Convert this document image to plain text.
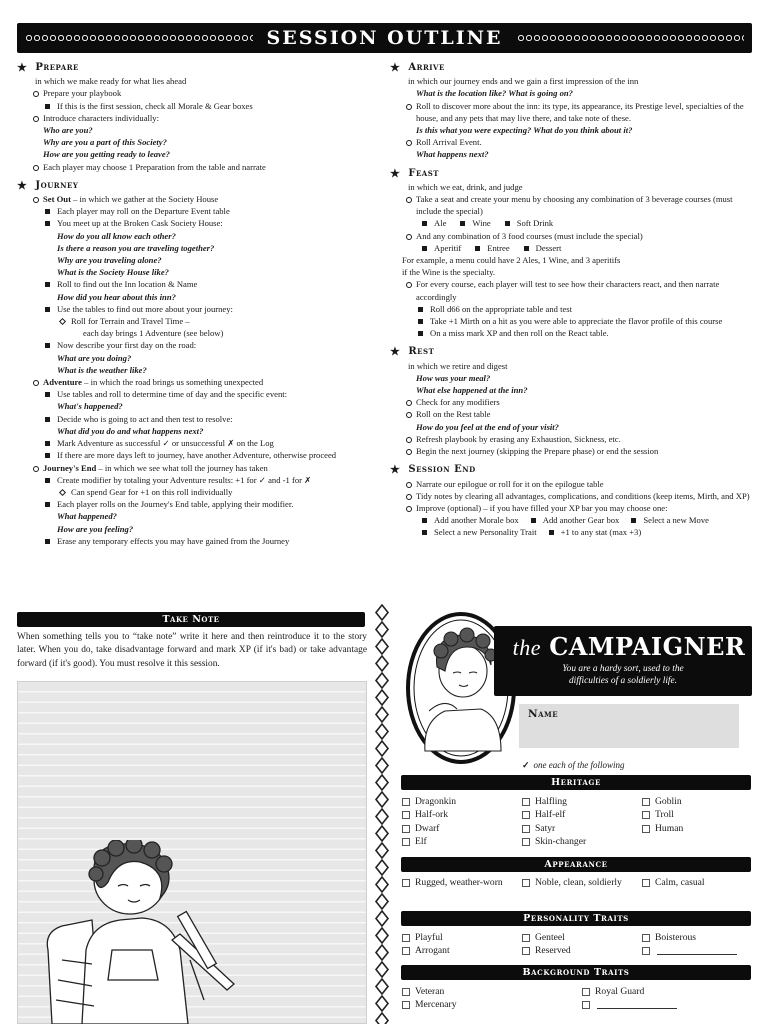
SESSION OUTLINE
★ Prepare
in which we make ready for what lies ahead
Prepare your playbook
If this is the first session, check all Morale & Gear boxes
Introduce characters individually:
Who are you?
Why are you a part of this Society?
How are you getting ready to leave?
Each player may choose 1 Preparation from the table and narrate
★ Journey
Set Out – in which we gather at the Society House
Each player may roll on the Departure Event table
You meet up at the Broken Cask Society House:
How do you all know each other?
Is there a reason you are traveling together?
Why are you traveling alone?
What is the Society House like?
Roll to find out the Inn location & Name
How did you hear about this inn?
Use the tables to find out more about your journey:
Roll for Terrain and Travel Time –
each day brings 1 Adventure (see below)
Now describe your first day on the road:
What are you doing?
What is the weather like?
Adventure – in which the road brings us something unexpected
Use tables and roll to determine time of day and the specific event:
What's happened?
Decide who is going to act and then test to resolve:
What did you do and what happens next?
Mark Adventure as successful ✓ or unsuccessful ✗ on the Log
If there are more days left to journey, have another Adventure, otherwise proceed
Journey's End – in which we see what toll the journey has taken
Create modifier by totaling your Adventure results: +1 for ✓ and -1 for ✗
Can spend Gear for +1 on this roll individually
Each player rolls on the Journey's End table, applying their modifier.
What happened?
How are you feeling?
Erase any temporary effects you may have gained from the Journey
★ Arrive
in which our journey ends and we gain a first impression of the inn
What is the location like? What is going on?
Roll to discover more about the inn: its type, its appearance, its Prestige level, specialties of the house, and any pets that may live there, and take note of these.
Is this what you were expecting? What do you think about it?
Roll Arrival Event.
What happens next?
★ Feast
in which we eat, drink, and judge
Take a seat and create your menu by choosing any combination of 3 beverage courses (must include the special)
Ale	Wine	Soft Drink
And any combination of 3 food courses (must include the special)
Aperitif	Entree	Dessert
For example, a menu could have 2 Ales, 1 Wine, and 3 aperitifs
if the Wine is the specialty.
For every course, each player will test to see how their characters react, and then narrate accordingly
Roll d66 on the appropriate table and test
Take +1 Mirth on a hit as you were able to appreciate the flavor profile of this course
On a miss mark XP and then roll on the React table.
★ Rest
in which we retire and digest
How was your meal?
What else happened at the inn?
Check for any modifiers
Roll on the Rest table
How do you feel at the end of your visit?
Refresh playbook by erasing any Exhaustion, Sickness, etc.
Begin the next journey (skipping the Prepare phase) or end the session
★ Session End
Narrate our epilogue or roll for it on the epilogue table
Tidy notes by clearing all advantages, complications, and conditions (keep items, Mirth, and XP)
Improve (optional) – if you have filled your XP bar you may choose one:
Add another Morale box	Add another Gear box	Select a new Move
Select a new Personality Trait	+1 to any stat (max +3)
Take Note
When something tells you to “take note” write it here and then reintroduce it to the story later. When you do, take disadvantage forward and mark XP (if it's bad) or take advantage forward (if it's good). You must resolve it this session.
the CAMPAIGNER
You are a hardy sort, used to the
difficulties of a soldierly life.
Name
✓ one each of the following
Heritage
Dragonkin	Halfling	Goblin
Half-ork	Half-elf	Troll
Dwarf	Satyr	Human
Elf	Skin-changer
Appearance
Rugged, weather-worn	Noble, clean, soldierly	Calm, casual
Personality Traits
Playful	Genteel	Boisterous
Arrogant	Reserved
Background Traits
Veteran	Royal Guard
Mercenary
